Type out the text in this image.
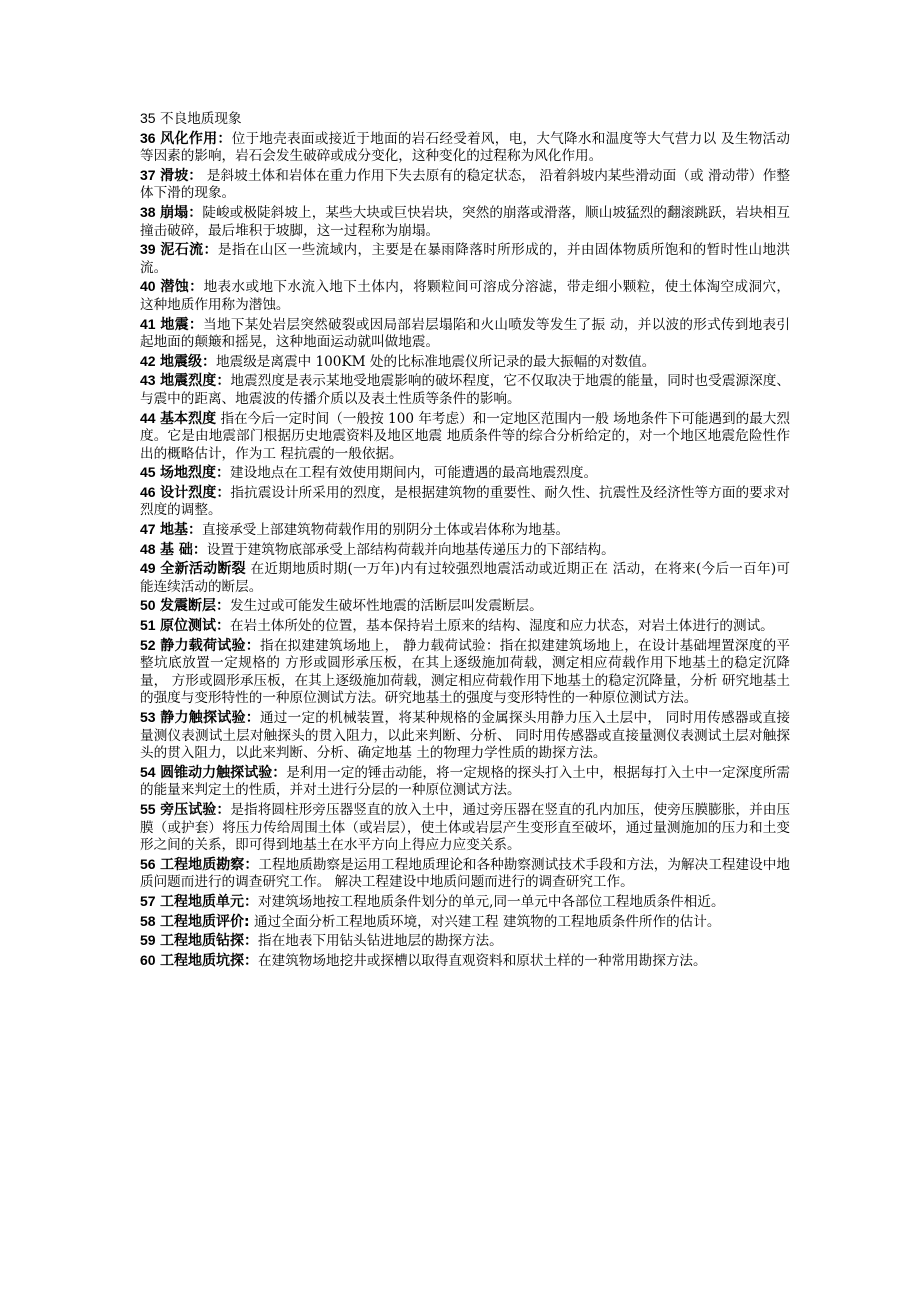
35 不良地质现象
36 风化作用：位于地壳表面或接近于地面的岩石经受着风，电，大气降水和温度等大气营力以 及生物活动等因素的影响，岩石会发生破碎或成分变化，这种变化的过程称为风化作用。
37 滑坡： 是斜坡土体和岩体在重力作用下失去原有的稳定状态， 沿着斜坡内某些滑动面（或 滑动带）作整体下滑的现象。
38 崩塌：陡峻或极陡斜坡上，某些大块或巨快岩块，突然的崩落或滑落，顺山坡猛烈的翻滚跳跃，岩块相互撞击破碎，最后堆积于坡脚，这一过程称为崩塌。
39 泥石流：是指在山区一些流域内，主要是在暴雨降落时所形成的，并由固体物质所饱和的暂时性山地洪流。
40 潜蚀：地表水或地下水流入地下土体内，将颗粒间可溶成分溶滤，带走细小颗粒，使土体淘空成洞穴， 这种地质作用称为潜蚀。
41 地震：当地下某处岩层突然破裂或因局部岩层塌陷和火山喷发等发生了振 动，并以波的形式传到地表引起地面的颠簸和摇晃，这种地面运动就叫做地震。
42 地震级：地震级是离震中 100KM 处的比标准地震仪所记录的最大振幅的对数值。
43 地震烈度：地震烈度是表示某地受地震影响的破坏程度，它不仅取决于地震的能量，同时也受震源深度、与震中的距离、地震波的传播介质以及表土性质等条件的影响。
44 基本烈度 指在今后一定时间（一般按 100 年考虑）和一定地区范围内一般 场地条件下可能遇到的最大烈度。它是由地震部门根据历史地震资料及地区地震 地质条件等的综合分析给定的，对一个地区地震危险性作出的概略估计，作为工 程抗震的一般依据。
45 场地烈度：建设地点在工程有效使用期间内，可能遭遇的最高地震烈度。
46 设计烈度：指抗震设计所采用的烈度，是根据建筑物的重要性、耐久性、抗震性及经济性等方面的要求对烈度的调整。
47 地基：直接承受上部建筑物荷载作用的别阴分土体或岩体称为地基。
48 基 础：设置于建筑物底部承受上部结构荷载并向地基传递压力的下部结构。
49 全新活动断裂 在近期地质时期(一万年)内有过较强烈地震活动或近期正在 活动，在将来(今后一百年)可能连续活动的断层。
50 发震断层：发生过或可能发生破坏性地震的活断层叫发震断层。
51 原位测试：在岩土体所处的位置，基本保持岩土原来的结构、湿度和应力状态，对岩土体进行的测试。
52 静力载荷试验：指在拟建建筑场地上， 静力载荷试验：指在拟建建筑场地上，在设计基础埋置深度的平整坑底放置一定规格的 方形或圆形承压板，在其上逐级施加荷载，测定相应荷载作用下地基土的稳定沉降量， 方形或圆形承压板，在其上逐级施加荷载，测定相应荷载作用下地基土的稳定沉降量，分析 研究地基土的强度与变形特性的一种原位测试方法。研究地基土的强度与变形特性的一种原位测试方法。
53 静力触探试验：通过一定的机械装置，将某种规格的金属探头用静力压入土层中， 同时用传感器或直接量测仪表测试土层对触探头的贯入阻力，以此来判断、分析、 同时用传感器或直接量测仪表测试土层对触探头的贯入阻力，以此来判断、分析、确定地基 土的物理力学性质的勘探方法。
54 圆锥动力触探试验：是利用一定的锤击动能，将一定规格的探头打入土中，根据每打入土中一定深度所需的能量来判定土的性质，并对土进行分层的一种原位测试方法。
55 旁压试验：是指将圆柱形旁压器竖直的放入土中，通过旁压器在竖直的孔内加压，使旁压膜膨胀，并由压膜（或护套）将压力传给周围土体（或岩层），使土体或岩层产生变形直至破坏，通过量测施加的压力和土变形之间的关系，即可得到地基土在水平方向上得应力应变关系。
56 工程地质勘察：工程地质勘察是运用工程地质理论和各种勘察测试技术手段和方法，为解决工程建设中地质问题而进行的调查研究工作。 解决工程建设中地质问题而进行的调查研究工作。
57 工程地质单元：对建筑场地按工程地质条件划分的单元,同一单元中各部位工程地质条件相近。
58 工程地质评价: 通过全面分析工程地质环境，对兴建工程 建筑物的工程地质条件所作的估计。
59 工程地质钻探：指在地表下用钻头钻进地层的勘探方法。
60 工程地质坑探：在建筑物场地挖井或探槽以取得直观资料和原状土样的一种常用勘探方法。
